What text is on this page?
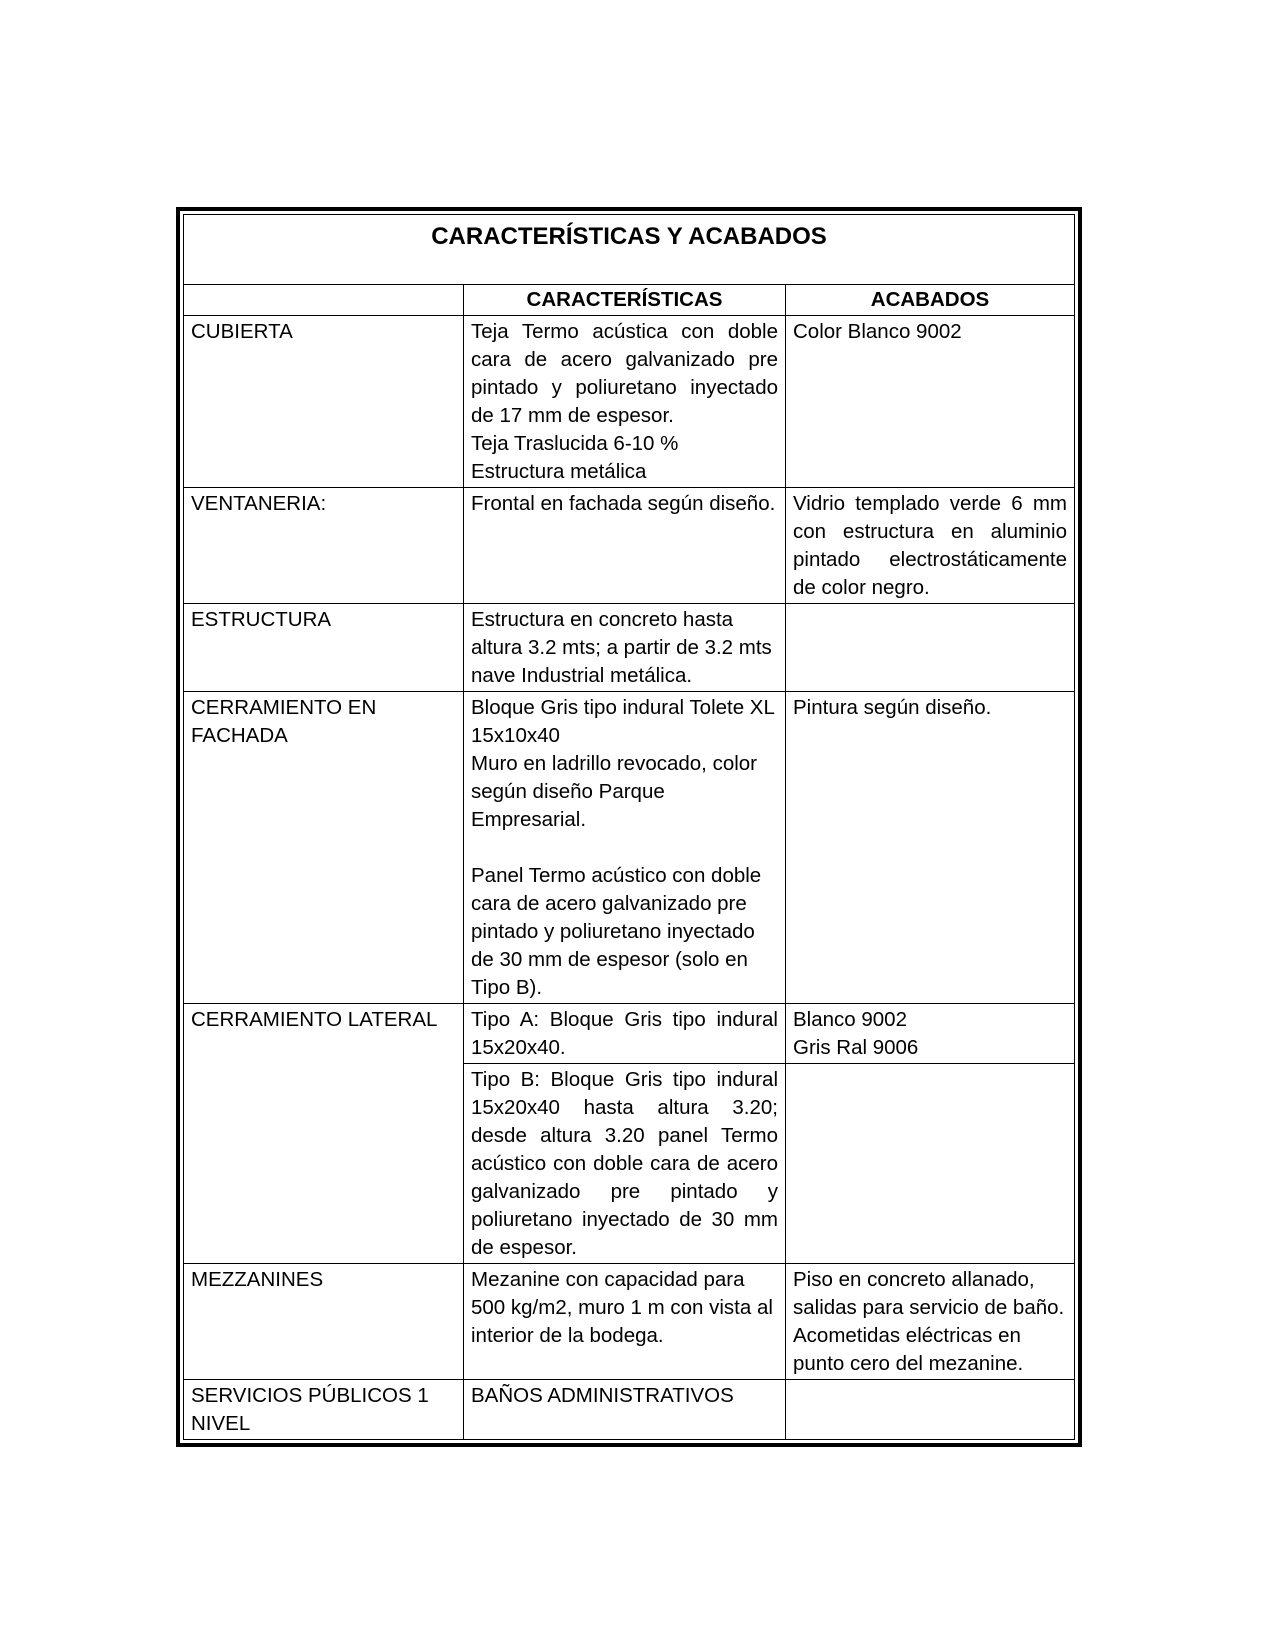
CARACTERÍSTICAS Y ACABADOS		
	CARACTERÍSTICAS	ACABADOS
CUBIERTA	Teja Termo acústica con doble cara de acero galvanizado pre pintado y poliuretano inyectado de 17 mm de espesor.
Teja Traslucida 6-10 %
Estructura metálica	Color Blanco 9002

VENTANERIA:	Frontal en fachada según diseño.	Vidrio templado verde 6 mm con estructura en aluminio pintado electrostáticamente de color negro.

ESTRUCTURA	Estructura en concreto hasta altura 3.2 mts; a partir de 3.2 mts nave Industrial metálica.	

CERRAMIENTO EN FACHADA	Bloque Gris tipo indural Tolete XL 15x10x40
Muro en ladrillo revocado, color según diseño Parque Empresarial.
Panel Termo acústico con doble cara de acero galvanizado pre pintado y poliuretano inyectado de 30 mm de espesor (solo en Tipo B).	Pintura según diseño.

CERRAMIENTO LATERAL	Tipo A: Bloque Gris tipo indural 15x20x40.	Blanco 9002
Gris Ral 9006

	Tipo B: Bloque Gris tipo indural 15x20x40 hasta altura 3.20; desde altura 3.20 panel Termo acústico con doble cara de acero galvanizado pre pintado y poliuretano inyectado de 30 mm de espesor.	

MEZZANINES	Mezanine con capacidad para 500 kg/m2, muro 1 m con vista al interior de la bodega.	Piso en concreto allanado, salidas para servicio de baño. Acometidas eléctricas en punto cero del mezanine.

SERVICIOS PÚBLICOS 1 NIVEL	BAÑOS ADMINISTRATIVOS	
